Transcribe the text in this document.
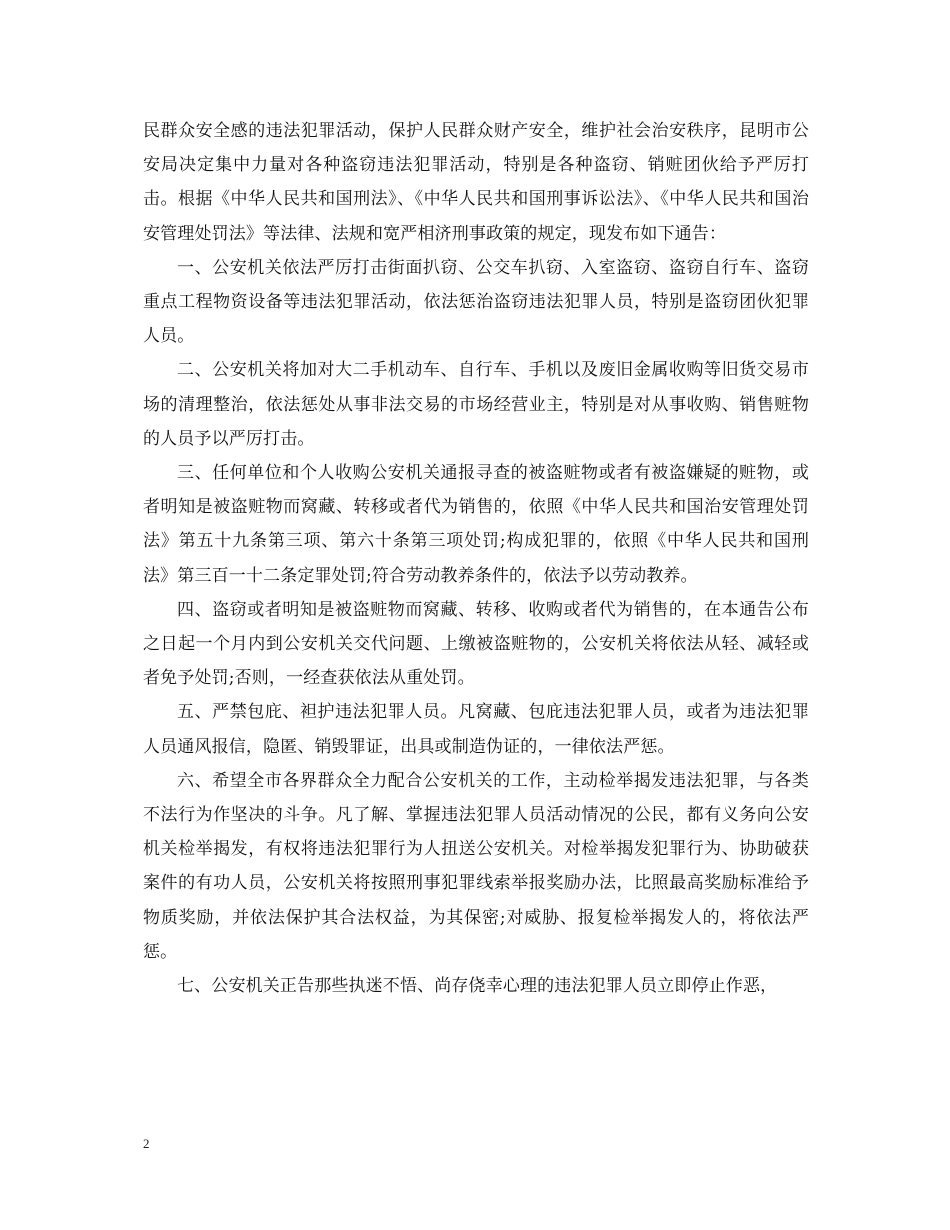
民群众安全感的违法犯罪活动，保护人民群众财产安全，维护社会治安秩序，昆明市公安局决定集中力量对各种盗窃违法犯罪活动，特别是各种盗窃、销赃团伙给予严厉打击。根据《中华人民共和国刑法》、《中华人民共和国刑事诉讼法》、《中华人民共和国治安管理处罚法》等法律、法规和宽严相济刑事政策的规定，现发布如下通告：

一、公安机关依法严厉打击街面扒窃、公交车扒窃、入室盗窃、盗窃自行车、盗窃重点工程物资设备等违法犯罪活动，依法惩治盗窃违法犯罪人员，特别是盗窃团伙犯罪人员。

二、公安机关将加对大二手机动车、自行车、手机以及废旧金属收购等旧货交易市场的清理整治，依法惩处从事非法交易的市场经营业主，特别是对从事收购、销售赃物的人员予以严厉打击。

三、任何单位和个人收购公安机关通报寻查的被盗赃物或者有被盗嫌疑的赃物，或者明知是被盗赃物而窝藏、转移或者代为销售的，依照《中华人民共和国治安管理处罚法》第五十九条第三项、第六十条第三项处罚;构成犯罪的，依照《中华人民共和国刑法》第三百一十二条定罪处罚;符合劳动教养条件的，依法予以劳动教养。

四、盗窃或者明知是被盗赃物而窝藏、转移、收购或者代为销售的，在本通告公布之日起一个月内到公安机关交代问题、上缴被盗赃物的，公安机关将依法从轻、减轻或者免予处罚;否则，一经查获依法从重处罚。

五、严禁包庇、袒护违法犯罪人员。凡窝藏、包庇违法犯罪人员，或者为违法犯罪人员通风报信，隐匿、销毁罪证，出具或制造伪证的，一律依法严惩。

六、希望全市各界群众全力配合公安机关的工作，主动检举揭发违法犯罪，与各类不法行为作坚决的斗争。凡了解、掌握违法犯罪人员活动情况的公民，都有义务向公安机关检举揭发，有权将违法犯罪行为人扭送公安机关。对检举揭发犯罪行为、协助破获案件的有功人员，公安机关将按照刑事犯罪线索举报奖励办法，比照最高奖励标准给予物质奖励，并依法保护其合法权益，为其保密;对威胁、报复检举揭发人的，将依法严惩。

七、公安机关正告那些执迷不悟、尚存侥幸心理的违法犯罪人员立即停止作恶，

2
